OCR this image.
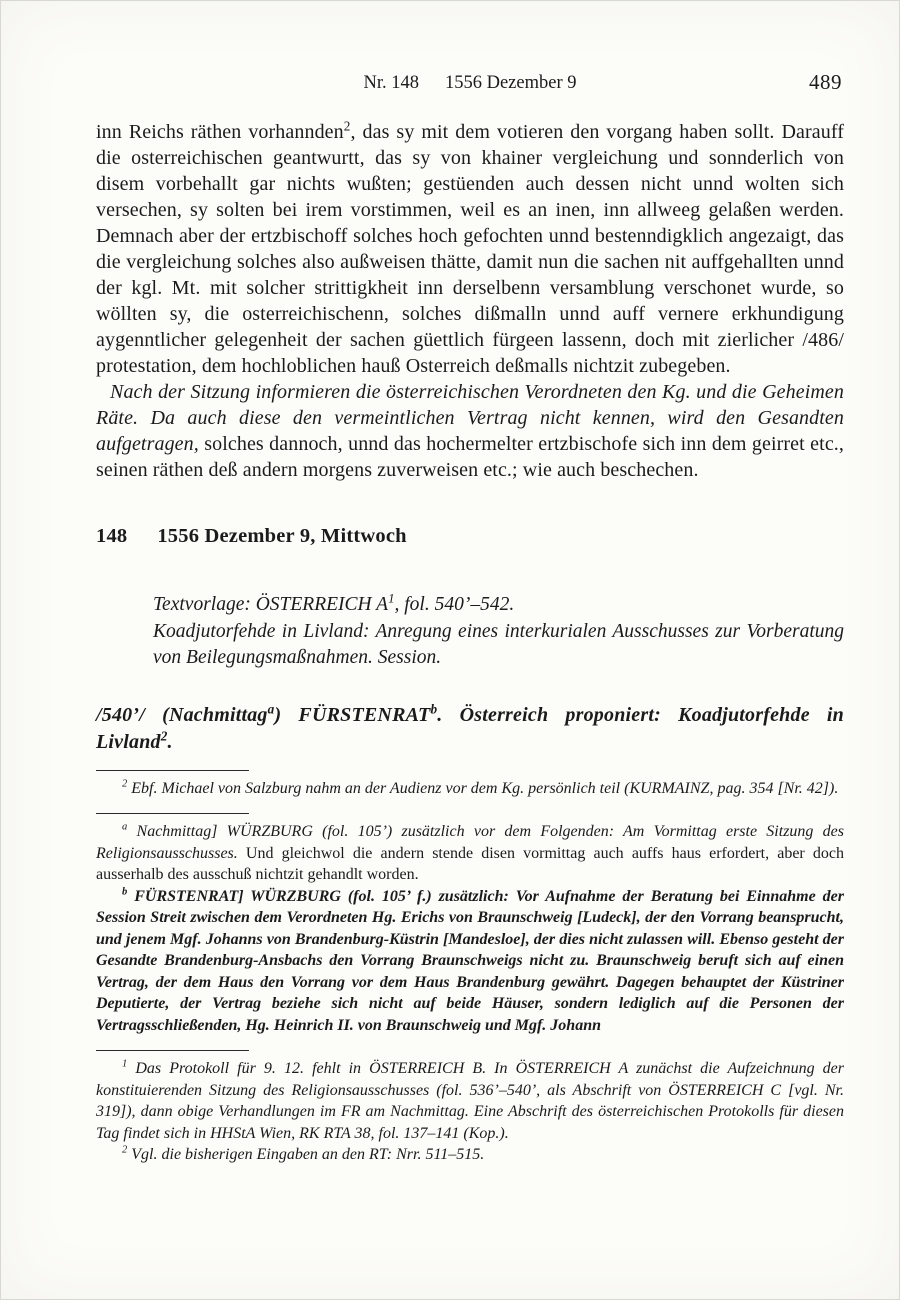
Nr. 148 1556 Dezember 9	489

inn Reichs räthen vorhannden$^2$, das sy mit dem votieren den vorgang haben sollt. Darauff die osterreichischen geantwurtt, das sy von khainer vergleichung und sonnderlich von disem vorbehallt gar nichts wußten; gestüenden auch dessen nicht unnd wolten sich versechen, sy solten bei irem vorstimmen, weil es an inen, inn allweeg gelaßen werden. Demnach aber der ertzbischoff solches hoch gefochten unnd bestenndigklich angezaigt, das die vergleichung solches also außweisen thätte, damit nun die sachen nit auffgehallten unnd der kgl. Mt. mit solcher strittigkheit inn derselbenn versamblung verschonet wurde, so wöllten sy, die osterreichischenn, solches dißmalln unnd auff vernere erkhundigung aygenntlicher gelegenheit der sachen güettlich fürgeen lassenn, doch mit zierlicher /486/ protestation, dem hochloblichen hauß Osterreich deßmalls nichtzit zubegeben.

Nach der Sitzung informieren die österreichischen Verordneten den Kg. und die Geheimen Räte. Da auch diese den vermeintlichen Vertrag nicht kennen, wird den Gesandten aufgetragen, solches dannoch, unnd das hochermelter ertzbischofe sich inn dem geirret etc., seinen räthen deß andern morgens zuverweisen etc.; wie auch beschechen.

148 1556 Dezember 9, Mittwoch

Textvorlage: ÖSTERREICH A$^1$, fol. 540’–542.

Koadjutorfehde in Livland: Anregung eines interkurialen Ausschusses zur Vorberatung von Beilegungsmaßnahmen. Session.

/540’/ (Nachmittag$^a$) FÜRSTENRAT$^b$. Österreich proponiert: Koadjutorfehde in Livland$^2$.

$^2$ Ebf. Michael von Salzburg nahm an der Audienz vor dem Kg. persönlich teil (KURMAINZ, pag. 354 [Nr. 42]).

$^a$ Nachmittag] WÜRZBURG (fol. 105’) zusätzlich vor dem Folgenden: Am Vormittag erste Sitzung des Religionsausschusses. Und gleichwol die andern stende disen vormittag auch auffs haus erfordert, aber doch ausserhalb des ausschuß nichtzit gehandlt worden.

$^b$ FÜRSTENRAT] WÜRZBURG (fol. 105’ f.) zusätzlich: Vor Aufnahme der Beratung bei Einnahme der Session Streit zwischen dem Verordneten Hg. Erichs von Braunschweig [Ludeck], der den Vorrang beansprucht, und jenem Mgf. Johanns von Brandenburg-Küstrin [Mandesloe], der dies nicht zulassen will. Ebenso gesteht der Gesandte Brandenburg-Ansbachs den Vorrang Braunschweigs nicht zu. Braunschweig beruft sich auf einen Vertrag, der dem Haus den Vorrang vor dem Haus Brandenburg gewährt. Dagegen behauptet der Küstriner Deputierte, der Vertrag beziehe sich nicht auf beide Häuser, sondern lediglich auf die Personen der Vertragsschließenden, Hg. Heinrich II. von Braunschweig und Mgf. Johann

$^1$ Das Protokoll für 9. 12. fehlt in ÖSTERREICH B. In ÖSTERREICH A zunächst die Aufzeichnung der konstituierenden Sitzung des Religionsausschusses (fol. 536’–540’, als Abschrift von ÖSTERREICH C [vgl. Nr. 319]), dann obige Verhandlungen im FR am Nachmittag. Eine Abschrift des österreichischen Protokolls für diesen Tag findet sich in HHStA Wien, RK RTA 38, fol. 137–141 (Kop.).

$^2$ Vgl. die bisherigen Eingaben an den RT: Nrr. 511–515.
